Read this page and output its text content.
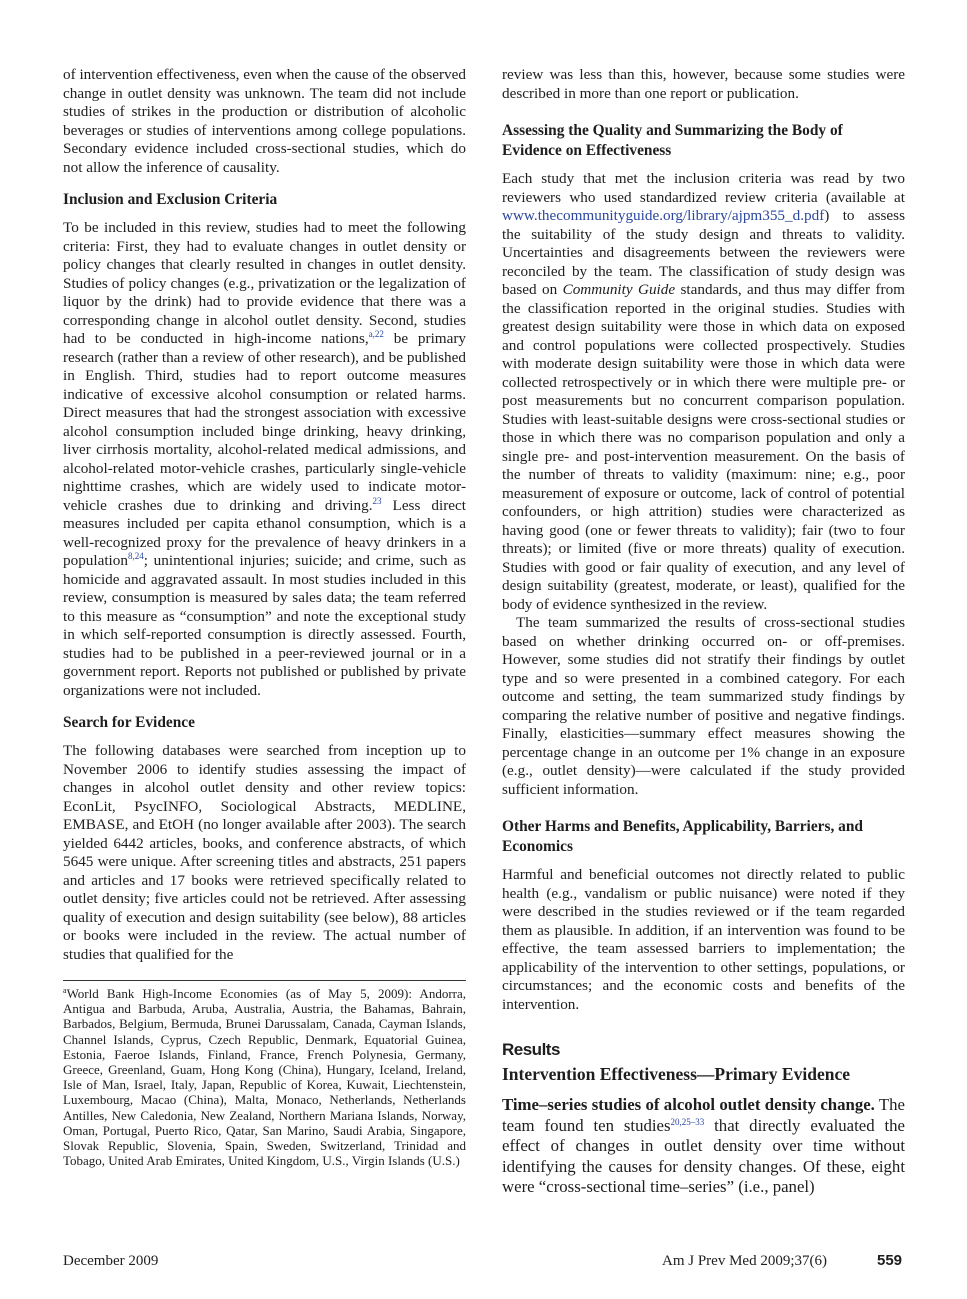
of intervention effectiveness, even when the cause of the observed change in outlet density was unknown. The team did not include studies of strikes in the production or distribution of alcoholic beverages or studies of interventions among college populations. Secondary evidence included cross-sectional studies, which do not allow the inference of causality.

Inclusion and Exclusion Criteria

To be included in this review, studies had to meet the following criteria: First, they had to evaluate changes in outlet density or policy changes that clearly resulted in changes in outlet density. Studies of policy changes (e.g., privatization or the legalization of liquor by the drink) had to provide evidence that there was a corresponding change in alcohol outlet density. Second, studies had to be conducted in high-income nations,$^{a,22}$ be primary research (rather than a review of other research), and be published in English. Third, studies had to report outcome measures indicative of excessive alcohol consumption or related harms. Direct measures that had the strongest association with excessive alcohol consumption included binge drinking, heavy drinking, liver cirrhosis mortality, alcohol-related medical admissions, and alcohol-related motor-vehicle crashes, particularly single-vehicle nighttime crashes, which are widely used to indicate motor-vehicle crashes due to drinking and driving.$^{23}$ Less direct measures included per capita ethanol consumption, which is a well-recognized proxy for the prevalence of heavy drinkers in a population$^{8,24}$; unintentional injuries; suicide; and crime, such as homicide and aggravated assault. In most studies included in this review, consumption is measured by sales data; the team referred to this measure as “consumption” and note the exceptional study in which self-reported consumption is directly assessed. Fourth, studies had to be published in a peer-reviewed journal or in a government report. Reports not published or published by private organizations were not included.

Search for Evidence

The following databases were searched from inception up to November 2006 to identify studies assessing the impact of changes in alcohol outlet density and other review topics: EconLit, PsycINFO, Sociological Abstracts, MEDLINE, EMBASE, and EtOH (no longer available after 2003). The search yielded 6442 articles, books, and conference abstracts, of which 5645 were unique. After screening titles and abstracts, 251 papers and articles and 17 books were retrieved specifically related to outlet density; five articles could not be retrieved. After assessing quality of execution and design suitability (see below), 88 articles or books were included in the review. The actual number of studies that qualified for the

$^a$World Bank High-Income Economies (as of May 5, 2009): Andorra, Antigua and Barbuda, Aruba, Australia, Austria, the Bahamas, Bahrain, Barbados, Belgium, Bermuda, Brunei Darussalam, Canada, Cayman Islands, Channel Islands, Cyprus, Czech Republic, Denmark, Equatorial Guinea, Estonia, Faeroe Islands, Finland, France, French Polynesia, Germany, Greece, Greenland, Guam, Hong Kong (China), Hungary, Iceland, Ireland, Isle of Man, Israel, Italy, Japan, Republic of Korea, Kuwait, Liechtenstein, Luxembourg, Macao (China), Malta, Monaco, Netherlands, Netherlands Antilles, New Caledonia, New Zealand, Northern Mariana Islands, Norway, Oman, Portugal, Puerto Rico, Qatar, San Marino, Saudi Arabia, Singapore, Slovak Republic, Slovenia, Spain, Sweden, Switzerland, Trinidad and Tobago, United Arab Emirates, United Kingdom, U.S., Virgin Islands (U.S.)

review was less than this, however, because some studies were described in more than one report or publication.

Assessing the Quality and Summarizing the Body of Evidence on Effectiveness

Each study that met the inclusion criteria was read by two reviewers who used standardized review criteria (available at www.thecommunityguide.org/library/ajpm355_d.pdf) to assess the suitability of the study design and threats to validity. Uncertainties and disagreements between the reviewers were reconciled by the team. The classification of study design was based on Community Guide standards, and thus may differ from the classification reported in the original studies. Studies with greatest design suitability were those in which data on exposed and control populations were collected prospectively. Studies with moderate design suitability were those in which data were collected retrospectively or in which there were multiple pre- or post measurements but no concurrent comparison population. Studies with least-suitable designs were cross-sectional studies or those in which there was no comparison population and only a single pre- and post-intervention measurement. On the basis of the number of threats to validity (maximum: nine; e.g., poor measurement of exposure or outcome, lack of control of potential confounders, or high attrition) studies were characterized as having good (one or fewer threats to validity); fair (two to four threats); or limited (five or more threats) quality of execution. Studies with good or fair quality of execution, and any level of design suitability (greatest, moderate, or least), qualified for the body of evidence synthesized in the review.

The team summarized the results of cross-sectional studies based on whether drinking occurred on- or off-premises. However, some studies did not stratify their findings by outlet type and so were presented in a combined category. For each outcome and setting, the team summarized study findings by comparing the relative number of positive and negative findings. Finally, elasticities—summary effect measures showing the percentage change in an outcome per 1% change in an exposure (e.g., outlet density)—were calculated if the study provided sufficient information.

Other Harms and Benefits, Applicability, Barriers, and Economics

Harmful and beneficial outcomes not directly related to public health (e.g., vandalism or public nuisance) were noted if they were described in the studies reviewed or if the team regarded them as plausible. In addition, if an intervention was found to be effective, the team assessed barriers to implementation; the applicability of the intervention to other settings, populations, or circumstances; and the economic costs and benefits of the intervention.

Results
Intervention Effectiveness—Primary Evidence

Time–series studies of alcohol outlet density change. The team found ten studies$^{20,25-33}$ that directly evaluated the effect of changes in outlet density over time without identifying the causes for density changes. Of these, eight were “cross-sectional time–series” (i.e., panel)

December 2009	Am J Prev Med 2009;37(6)	559
